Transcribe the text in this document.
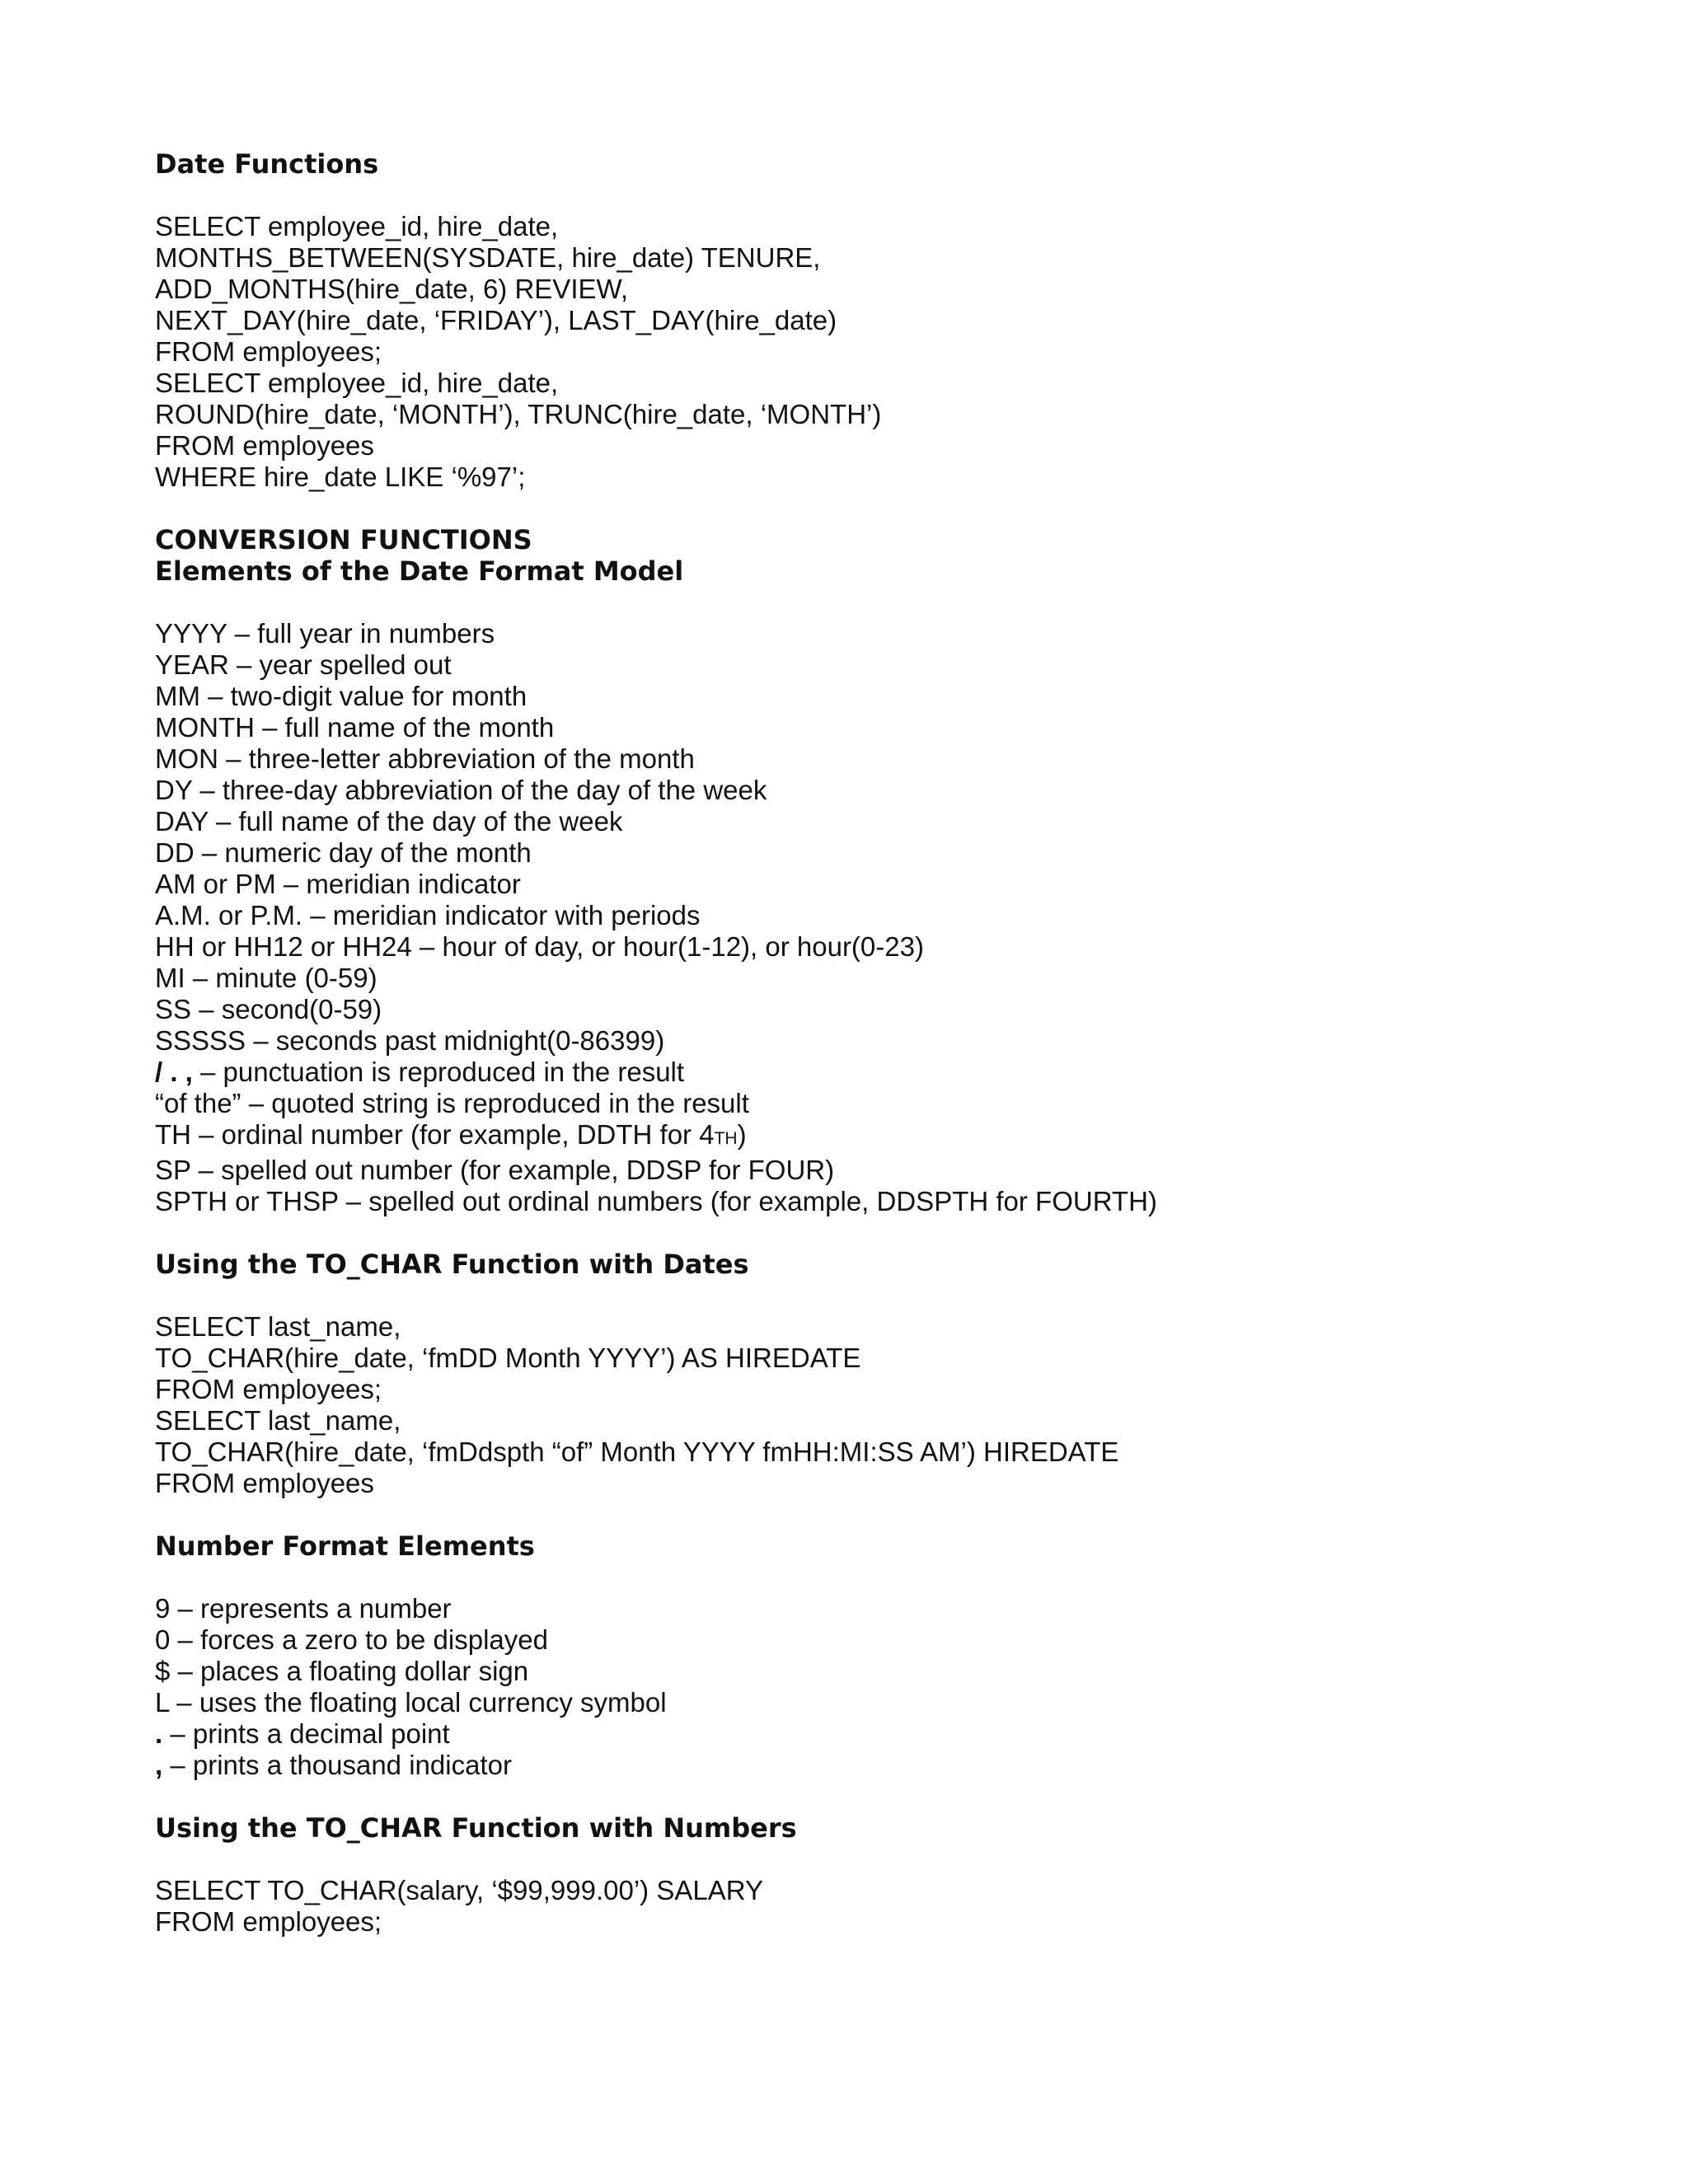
Date Functions

SELECT employee_id, hire_date,

MONTHS_BETWEEN(SYSDATE, hire_date) TENURE,

ADD_MONTHS(hire_date, 6) REVIEW,

NEXT_DAY(hire_date, ‘FRIDAY’), LAST_DAY(hire_date)

FROM employees;

SELECT employee_id, hire_date,

ROUND(hire_date, ‘MONTH’), TRUNC(hire_date, ‘MONTH’)

FROM employees

WHERE hire_date LIKE ‘%97’;

CONVERSION FUNCTIONS

Elements of the Date Format Model

YYYY – full year in numbers

YEAR – year spelled out

MM – two-digit value for month

MONTH – full name of the month

MON – three-letter abbreviation of the month

DY – three-day abbreviation of the day of the week

DAY – full name of the day of the week

DD – numeric day of the month

AM or PM – meridian indicator

A.M. or P.M. – meridian indicator with periods

HH or HH12 or HH24 – hour of day, or hour(1-12), or hour(0-23)

MI – minute (0-59)

SS – second(0-59)

SSSSS – seconds past midnight(0-86399)

/ . , – punctuation is reproduced in the result

“of the” – quoted string is reproduced in the result

TH – ordinal number (for example, DDTH for 4TH)

SP – spelled out number (for example, DDSP for FOUR)

SPTH or THSP – spelled out ordinal numbers (for example, DDSPTH for FOURTH)

Using the TO_CHAR Function with Dates

SELECT last_name,

TO_CHAR(hire_date, ‘fmDD Month YYYY’) AS HIREDATE

FROM employees;

SELECT last_name,

TO_CHAR(hire_date, ‘fmDdspth “of” Month YYYY fmHH:MI:SS AM’) HIREDATE

FROM employees

Number Format Elements

9 – represents a number

0 – forces a zero to be displayed

$ – places a floating dollar sign

L – uses the floating local currency symbol

. – prints a decimal point

, – prints a thousand indicator

Using the TO_CHAR Function with Numbers

SELECT TO_CHAR(salary, ‘$99,999.00’) SALARY

FROM employees;
